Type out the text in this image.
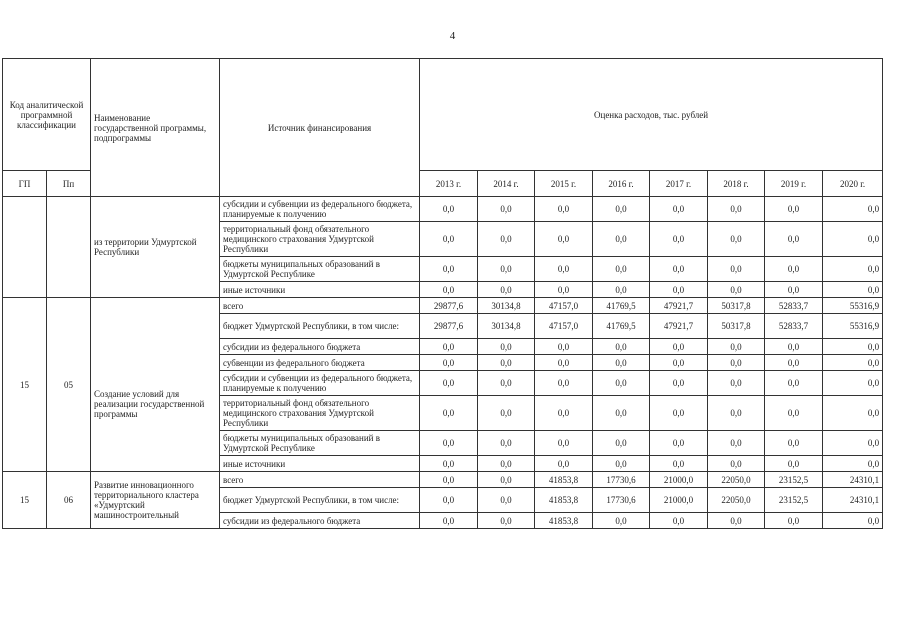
4
Код аналитической программной классификации		Наименование государственной программы, подпрограммы	Источник финансирования	Оценка расходов, тыс. рублей							
ГП	Пп			2013 г.	2014 г.	2015 г.	2016 г.	2017 г.	2018 г.	2019 г.	2020 г.
		из территории Удмуртской Республики	субсидии и субвенции из федерального бюджета, планируемые к получению	0,0	0,0	0,0	0,0	0,0	0,0	0,0	0,0
			территориальный фонд обязательного медицинского страхования Удмуртской Республики	0,0	0,0	0,0	0,0	0,0	0,0	0,0	0,0
			бюджеты муниципальных образований в Удмуртской Республике	0,0	0,0	0,0	0,0	0,0	0,0	0,0	0,0
			иные источники	0,0	0,0	0,0	0,0	0,0	0,0	0,0	0,0
15	05	Создание условий для реализации государственной программы	всего	29877,6	30134,8	47157,0	41769,5	47921,7	50317,8	52833,7	55316,9
			бюджет Удмуртской Республики, в том числе:	29877,6	30134,8	47157,0	41769,5	47921,7	50317,8	52833,7	55316,9
			субсидии из федерального бюджета	0,0	0,0	0,0	0,0	0,0	0,0	0,0	0,0
			субвенции из федерального бюджета	0,0	0,0	0,0	0,0	0,0	0,0	0,0	0,0
			субсидии и субвенции из федерального бюджета, планируемые к получению	0,0	0,0	0,0	0,0	0,0	0,0	0,0	0,0
			территориальный фонд обязательного медицинского страхования Удмуртской Республики	0,0	0,0	0,0	0,0	0,0	0,0	0,0	0,0
			бюджеты муниципальных образований в Удмуртской Республике	0,0	0,0	0,0	0,0	0,0	0,0	0,0	0,0
			иные источники	0,0	0,0	0,0	0,0	0,0	0,0	0,0	0,0
15	06	Развитие инновационного территориального кластера «Удмуртский машиностроительный	всего	0,0	0,0	41853,8	17730,6	21000,0	22050,0	23152,5	24310,1
			бюджет Удмуртской Республики, в том числе:	0,0	0,0	41853,8	17730,6	21000,0	22050,0	23152,5	24310,1
			субсидии из федерального бюджета	0,0	0,0	41853,8	0,0	0,0	0,0	0,0	0,0
